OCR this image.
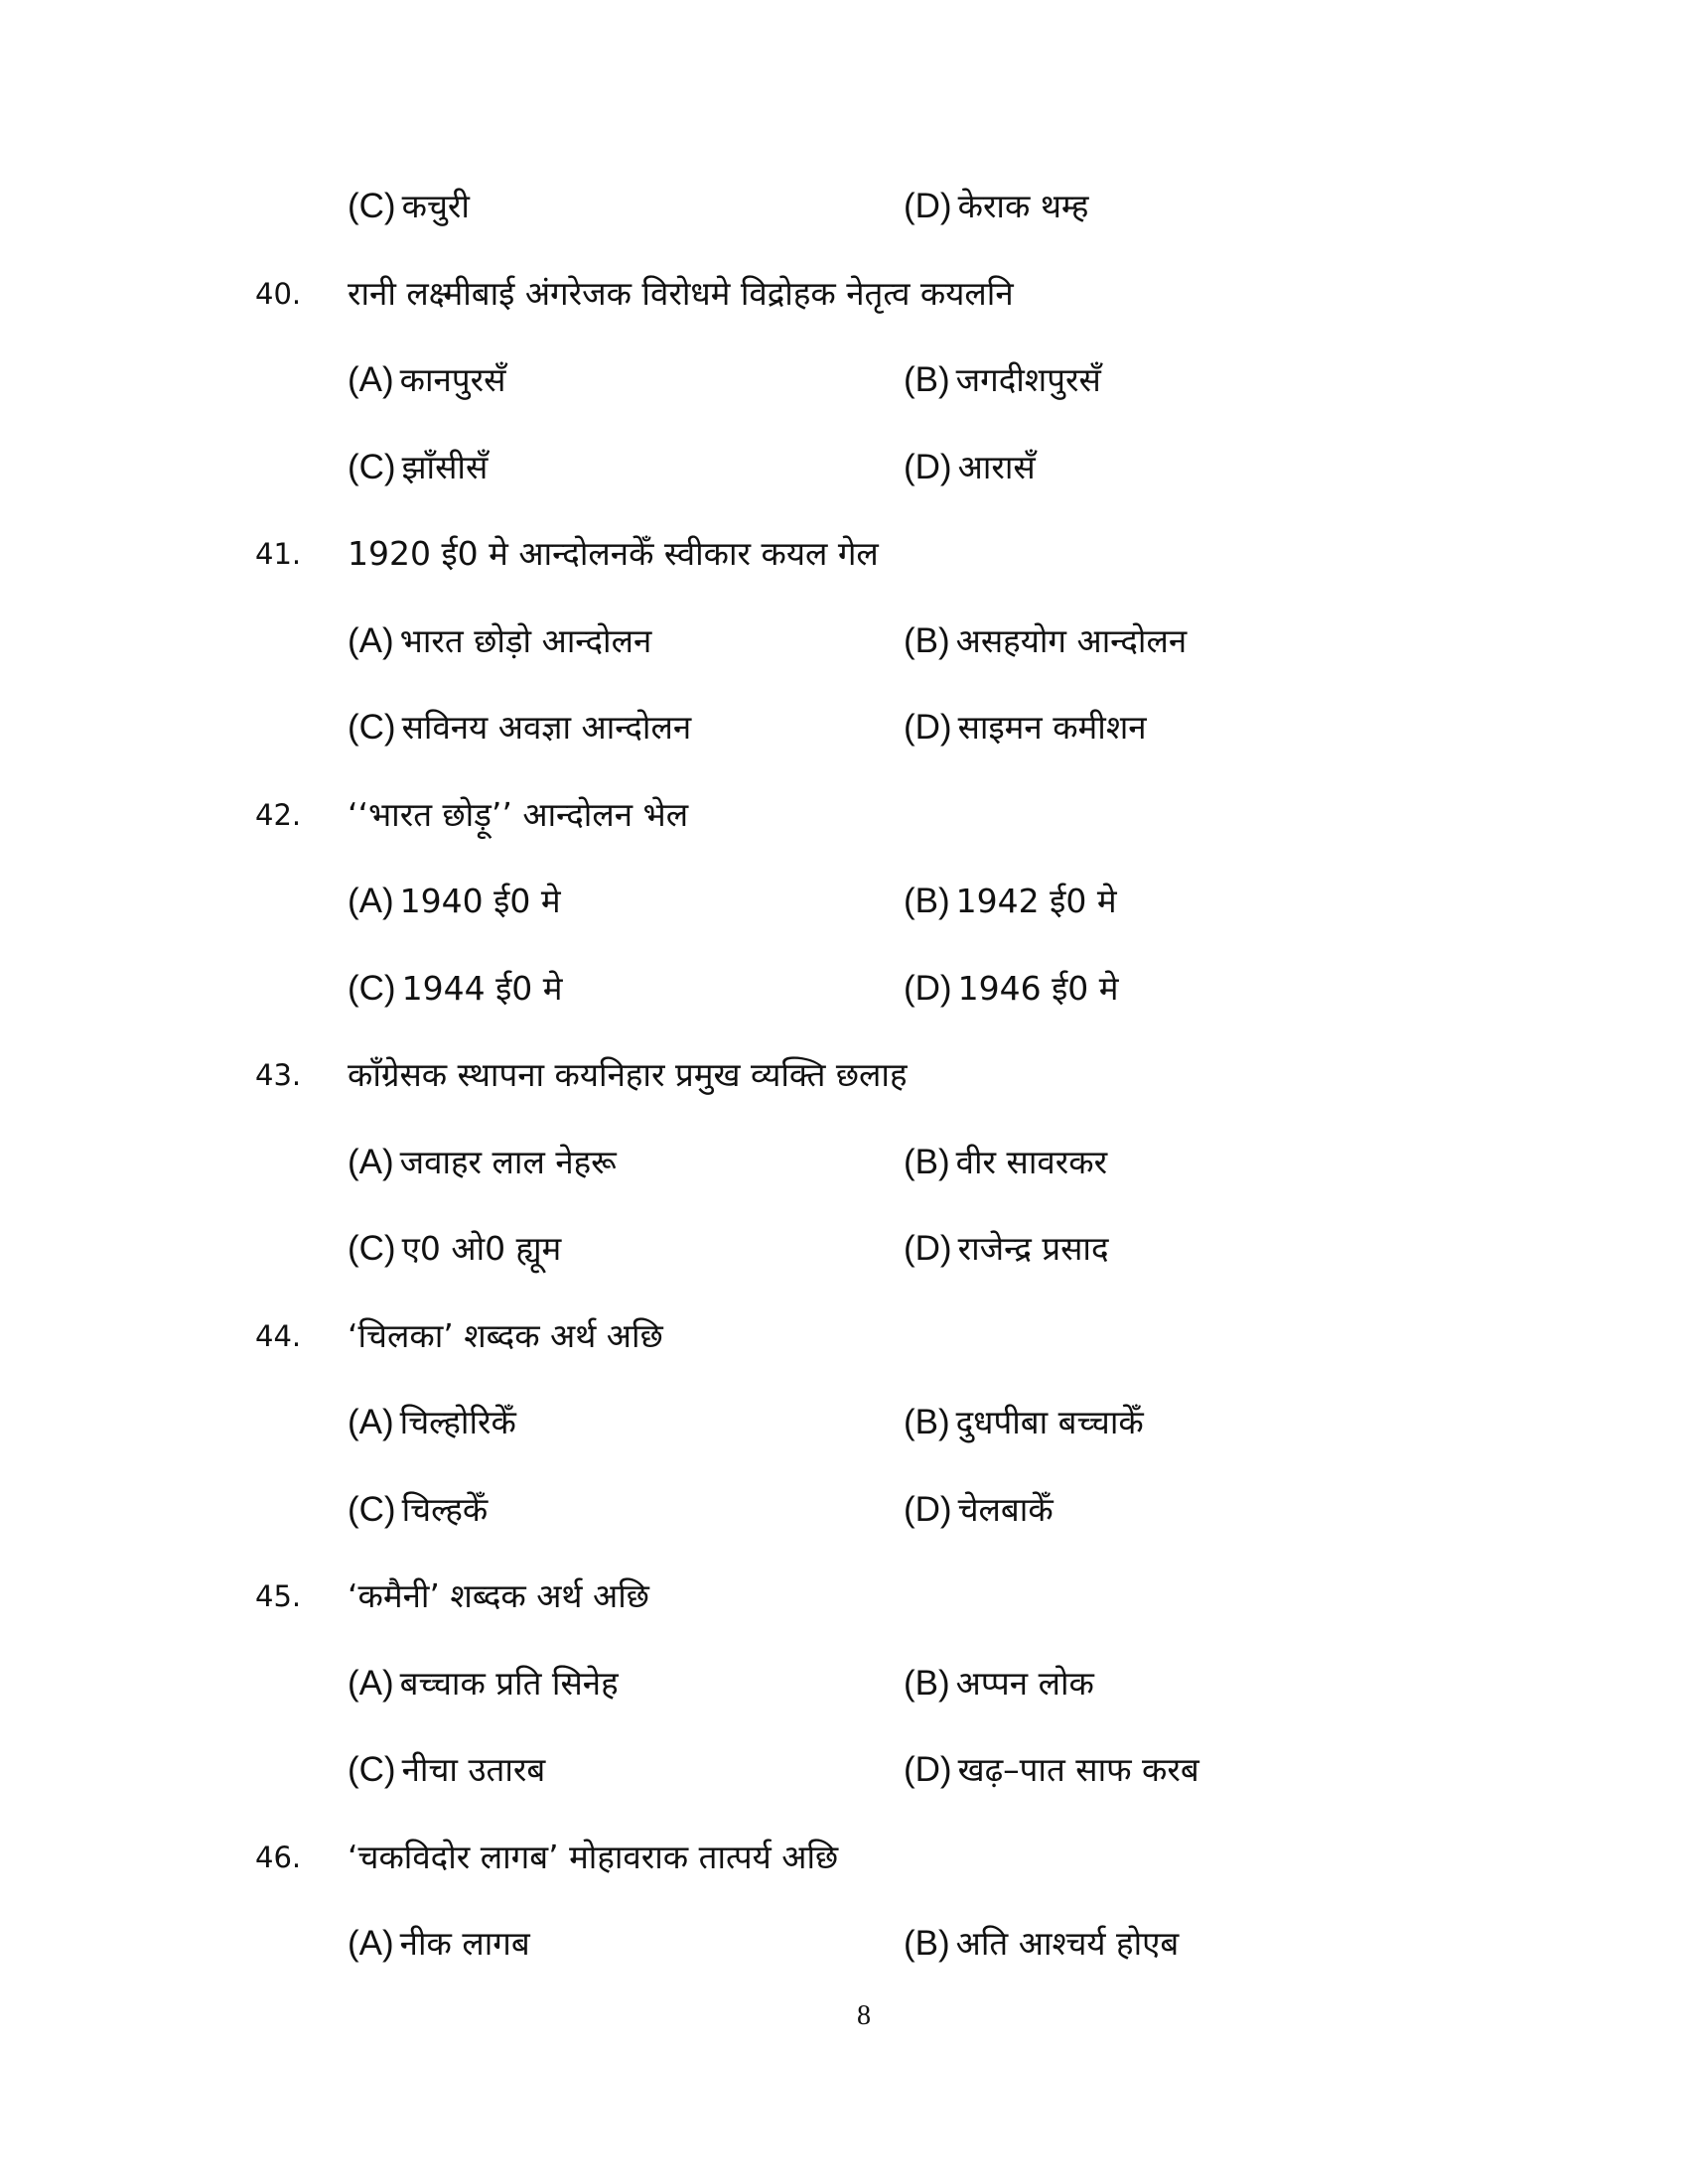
(C) कचुरी	(D) केराक थम्ह
40. रानी लक्ष्मीबाई अंगरेजक विरोधमे विद्रोहक नेतृत्व कयलनि
(A) कानपुरसँ	(B) जगदीशपुरसँ
(C) झाँसीसँ	(D) आरासँ
41. 1920 ई0 मे आन्दोलनकेँ स्वीकार कयल गेल
(A) भारत छोड़ो आन्दोलन	(B) असहयोग आन्दोलन
(C) सविनय अवज्ञा आन्दोलन	(D) साइमन कमीशन
42. ‘‘भारत छोड़ू’’ आन्दोलन भेल
(A) 1940 ई0 मे	(B) 1942 ई0 मे
(C) 1944 ई0 मे	(D) 1946 ई0 मे
43. काँग्रेसक स्थापना कयनिहार प्रमुख व्यक्ति छलाह
(A) जवाहर लाल नेहरू	(B) वीर सावरकर
(C) ए0 ओ0 ह्यूम	(D) राजेन्द्र प्रसाद
44. ‘चिलका’ शब्दक अर्थ अछि
(A) चिल्होरिकेँ	(B) दुधपीबा बच्चाकेँ
(C) चिल्हकेँ	(D) चेलबाकेँ
45. ‘कमैनी’ शब्दक अर्थ अछि
(A) बच्चाक प्रति सिनेह	(B) अप्पन लोक
(C) नीचा उतारब	(D) खढ़–पात साफ करब
46. ‘चकविदोर लागब’ मोहावराक तात्पर्य अछि
(A) नीक लागब	(B) अति आश्चर्य होएब
8
